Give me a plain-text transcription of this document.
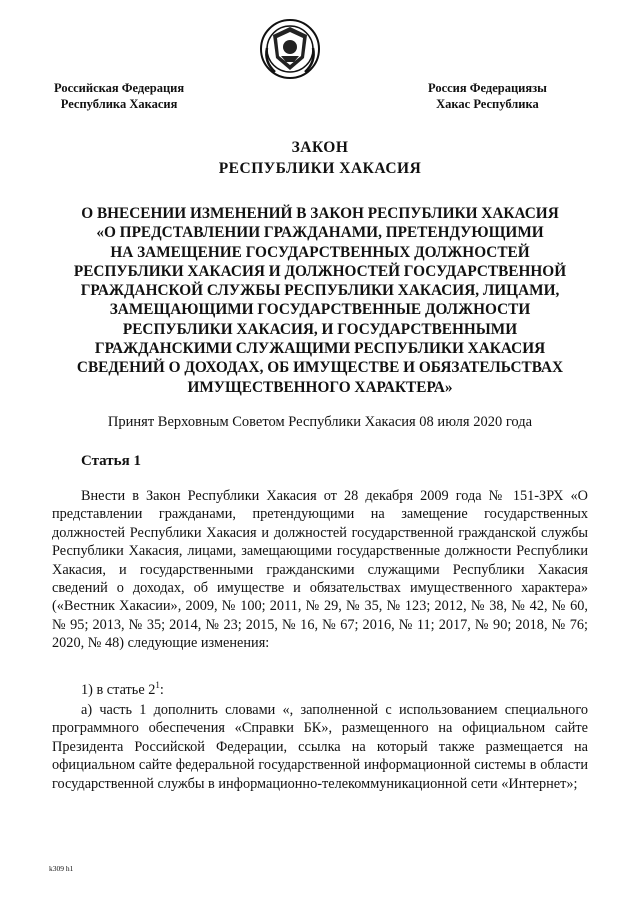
Российская Федерация
Республика Хакасия
Россия Федерациязы
Хакас Республика
ЗАКОН
РЕСПУБЛИКИ ХАКАСИЯ
О ВНЕСЕНИИ ИЗМЕНЕНИЙ В ЗАКОН РЕСПУБЛИКИ ХАКАСИЯ
«О ПРЕДСТАВЛЕНИИ ГРАЖДАНАМИ, ПРЕТЕНДУЮЩИМИ
НА ЗАМЕЩЕНИЕ ГОСУДАРСТВЕННЫХ ДОЛЖНОСТЕЙ
РЕСПУБЛИКИ ХАКАСИЯ И ДОЛЖНОСТЕЙ ГОСУДАРСТВЕННОЙ
ГРАЖДАНСКОЙ СЛУЖБЫ РЕСПУБЛИКИ ХАКАСИЯ, ЛИЦАМИ,
ЗАМЕЩАЮЩИМИ ГОСУДАРСТВЕННЫЕ ДОЛЖНОСТИ
РЕСПУБЛИКИ ХАКАСИЯ, И ГОСУДАРСТВЕННЫМИ
ГРАЖДАНСКИМИ СЛУЖАЩИМИ РЕСПУБЛИКИ ХАКАСИЯ
СВЕДЕНИЙ О ДОХОДАХ, ОБ ИМУЩЕСТВЕ И ОБЯЗАТЕЛЬСТВАХ
ИМУЩЕСТВЕННОГО ХАРАКТЕРА»
Принят Верховным Советом Республики Хакасия 08 июля 2020 года
Статья 1
Внести в Закон Республики Хакасия от 28 декабря 2009 года № 151-ЗРХ «О представлении гражданами, претендующими на замещение государственных должностей Республики Хакасия и должностей государственной гражданской службы Республики Хакасия, лицами, замещающими государственные должности Республики Хакасия, и государственными гражданскими служащими Республики Хакасия сведений о доходах, об имуществе и обязательствах имущественного характера» («Вестник Хакасии», 2009, № 100; 2011, № 29, № 35, № 123; 2012, № 38, № 42, № 60, № 95; 2013, № 35; 2014, № 23; 2015, № 16, № 67; 2016, № 11; 2017, № 90; 2018, № 76; 2020, № 48) следующие изменения:
1) в статье $2^1$:
а) часть 1 дополнить словами «, заполненной с использованием специального программного обеспечения «Справки БК», размещенного на официальном сайте Президента Российской Федерации, ссылка на который также размещается на официальном сайте федеральной государственной информационной системы в области государственной службы в информационно-телекоммуникационной сети «Интернет»;
k309 h1
